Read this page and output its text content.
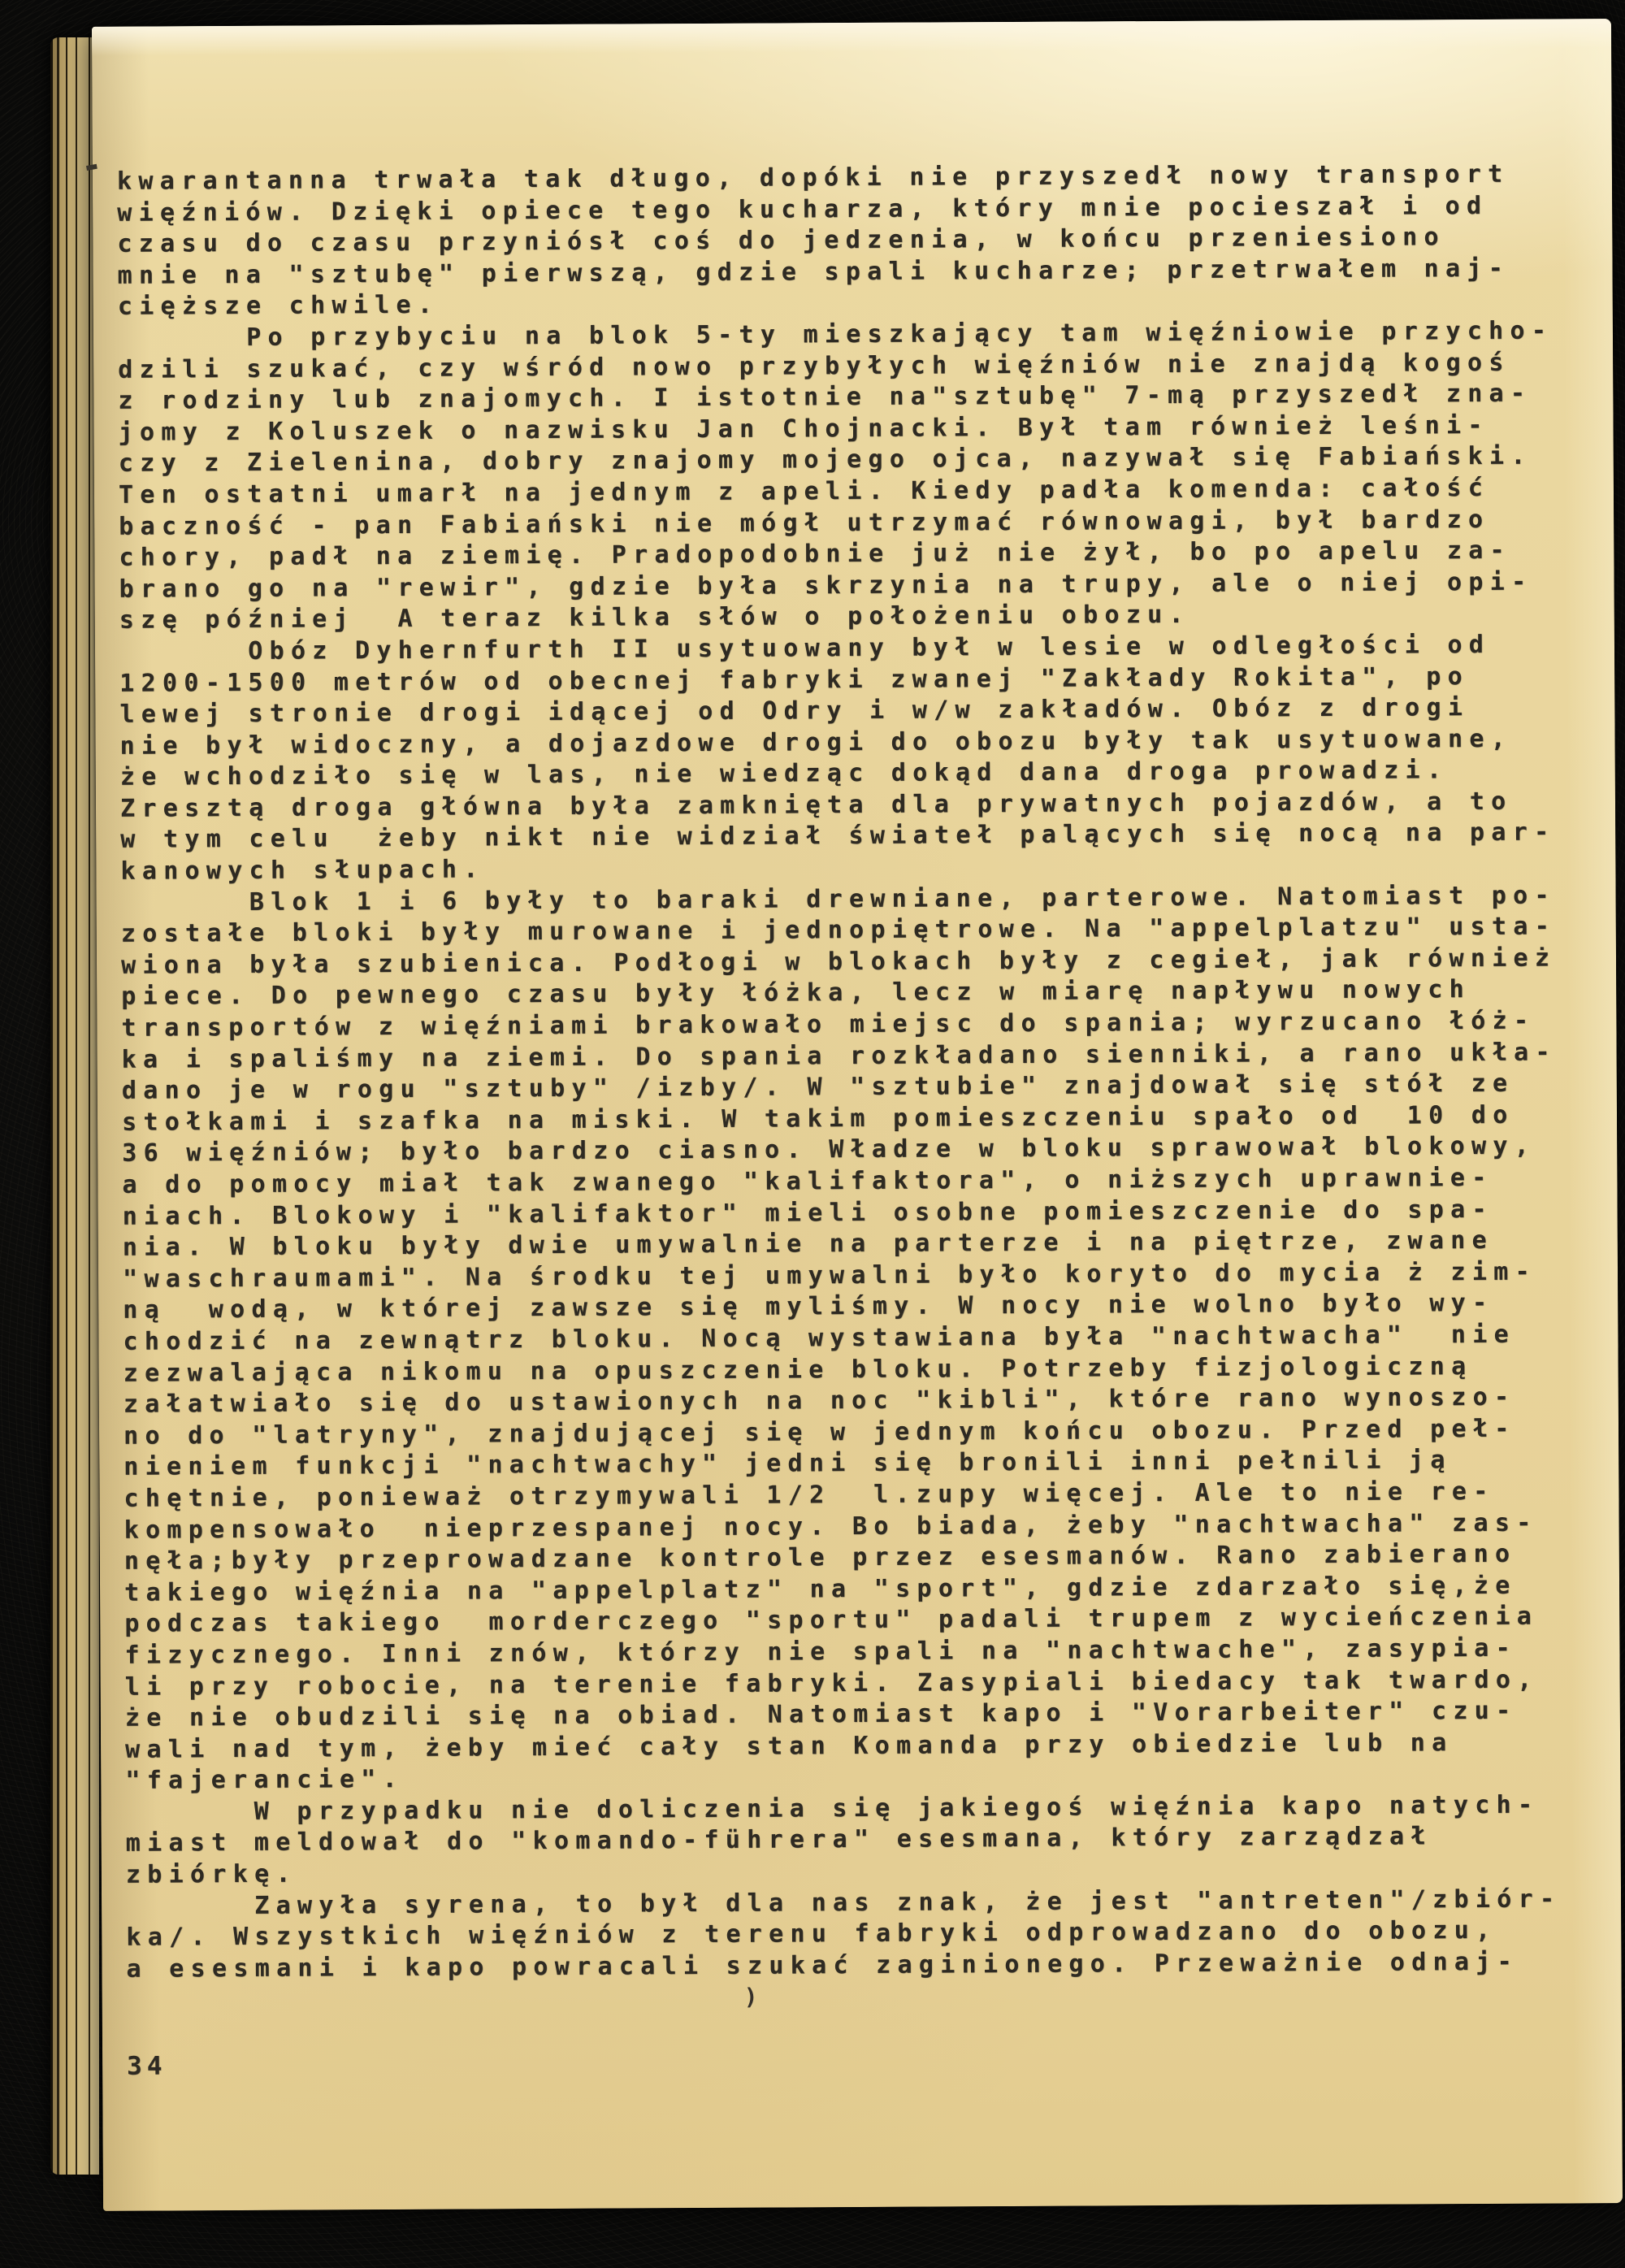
- kwarantanna trwała tak długo, dopóki nie przyszedł nowy transport
więźniów. Dzięki opiece tego kucharza, który mnie pocieszał i od
czasu do czasu przyniósł coś do jedzenia, w końcu przeniesiono
mnie na "sztubę" pierwszą, gdzie spali kucharze; przetrwałem naj-
cięższe chwile.
Po przybyciu na blok 5-ty mieszkający tam więźniowie przycho-
dzili szukać, czy wśród nowo przybyłych więźniów nie znajdą kogoś
z rodziny lub znajomych. I istotnie na"sztubę" 7-mą przyszedł zna-
jomy z Koluszek o nazwisku Jan Chojnacki. Był tam również leśni-
czy z Zielenina, dobry znajomy mojego ojca, nazywał się Fabiański.
Ten ostatni umarł na jednym z apeli. Kiedy padła komenda: całość
baczność - pan Fabiański nie mógł utrzymać równowagi, był bardzo
chory, padł na ziemię. Pradopodobnie już nie żył, bo po apelu za-
brano go na "rewir", gdzie była skrzynia na trupy, ale o niej opi-
szę później  A teraz kilka słów o położeniu obozu.
Obóz Dyhernfurth II usytuowany był w lesie w odległości od
1200-1500 metrów od obecnej fabryki zwanej "Zakłady Rokita", po
lewej stronie drogi idącej od Odry i w/w zakładów. Obóz z drogi
nie był widoczny, a dojazdowe drogi do obozu były tak usytuowane,
że wchodziło się w las, nie wiedząc dokąd dana droga prowadzi.
Zresztą droga główna była zamknięta dla prywatnych pojazdów, a to
w tym celu  żeby nikt nie widział świateł palących się nocą na par-
kanowych słupach.
Blok 1 i 6 były to baraki drewniane, parterowe. Natomiast po-
zostałe bloki były murowane i jednopiętrowe. Na "appelplatzu" usta-
wiona była szubienica. Podłogi w blokach były z cegieł, jak również
piece. Do pewnego czasu były łóżka, lecz w miarę napływu nowych
transportów z więźniami brakowało miejsc do spania; wyrzucano łóż-
ka i spaliśmy na ziemi. Do spania rozkładano sienniki, a rano ukła-
dano je w rogu "sztuby" /izby/. W "sztubie" znajdował się stół ze
stołkami i szafka na miski. W takim pomieszczeniu spało od  10 do
36 więźniów; było bardzo ciasno. Władze w bloku sprawował blokowy,
a do pomocy miał tak zwanego "kalifaktora", o niższych uprawnie-
niach. Blokowy i "kalifaktor" mieli osobne pomieszczenie do spa-
nia. W bloku były dwie umywalnie na parterze i na piętrze, zwane
"waschraumami". Na środku tej umywalni było koryto do mycia ż zim-
ną  wodą, w której zawsze się myliśmy. W nocy nie wolno było wy-
chodzić na zewnątrz bloku. Nocą wystawiana była "nachtwacha"  nie
zezwalająca nikomu na opuszczenie bloku. Potrzeby fizjologiczną
załatwiało się do ustawionych na noc "kibli", które rano wynoszo-
no do "latryny", znajdującej się w jednym końcu obozu. Przed peł-
nieniem funkcji "nachtwachy" jedni się bronili inni pełnili ją
chętnie, ponieważ otrzymywali 1/2  l.zupy więcej. Ale to nie re-
kompensowało  nieprzespanej nocy. Bo biada, żeby "nachtwacha" zas-
nęła;były przeprowadzane kontrole przez esesmanów. Rano zabierano
takiego więźnia na "appelplatz" na "sport", gdzie zdarzało się,że
podczas takiego  morderczego "sportu" padali trupem z wycieńczenia
fizycznego. Inni znów, którzy nie spali na "nachtwache", zasypia-
li przy robocie, na terenie fabryki. Zasypiali biedacy tak twardo,
że nie obudzili się na obiad. Natomiast kapo i "Vorarbeiter" czu-
wali nad tym, żeby mieć cały stan Komanda przy obiedzie lub na
"fajerancie".
W przypadku nie doliczenia się jakiegoś więźnia kapo natych-
miast meldował do "komando-führera" esesmana, który zarządzał
zbiórkę.
Zawyła syrena, to był dla nas znak, że jest "antreten"/zbiór-
ka/. Wszystkich więźniów z terenu fabryki odprowadzano do obozu,
a esesmani i kapo powracali szukać zaginionego. Przeważnie odnaj-
)
34
